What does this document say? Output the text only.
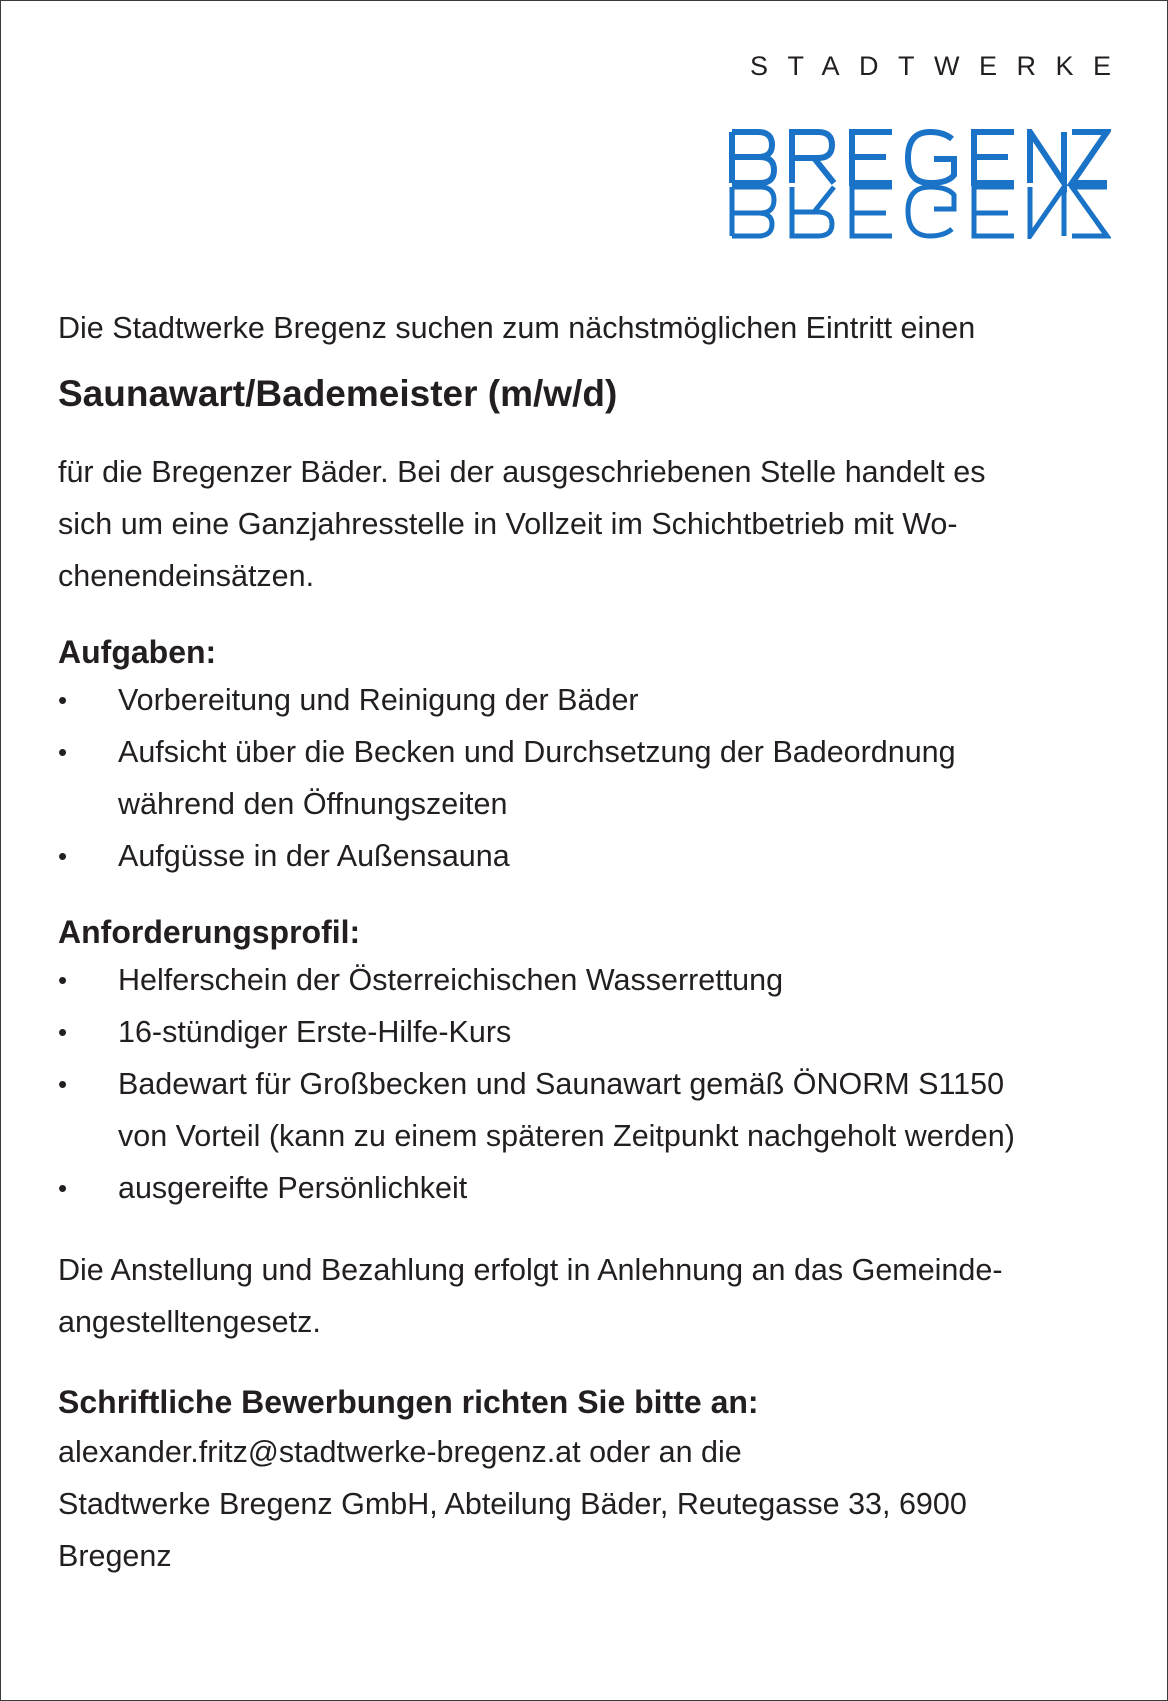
STADTWERKE

Die Stadtwerke Bregenz suchen zum nächstmöglichen Eintritt einen

Saunawart/Bademeister (m/w/d)

für die Bregenzer Bäder. Bei der ausgeschriebenen Stelle handelt es
sich um eine Ganzjahresstelle in Vollzeit im Schichtbetrieb mit Wo-
chenendeinsätzen.

Aufgaben:
• Vorbereitung und Reinigung der Bäder
• Aufsicht über die Becken und Durchsetzung der Badeordnung
während den Öffnungszeiten
• Aufgüsse in der Außensauna
Anforderungsprofil:
• Helferschein der Österreichischen Wasserrettung
• 16-stündiger Erste-Hilfe-Kurs
• Badewart für Großbecken und Saunawart gemäß ÖNORM S1150
von Vorteil (kann zu einem späteren Zeitpunkt nachgeholt werden)
• ausgereifte Persönlichkeit

Die Anstellung und Bezahlung erfolgt in Anlehnung an das Gemeinde-
angestelltengesetz.

Schriftliche Bewerbungen richten Sie bitte an:

alexander.fritz@stadtwerke-bregenz.at oder an die
Stadtwerke Bregenz GmbH, Abteilung Bäder, Reutegasse 33, 6900
Bregenz
